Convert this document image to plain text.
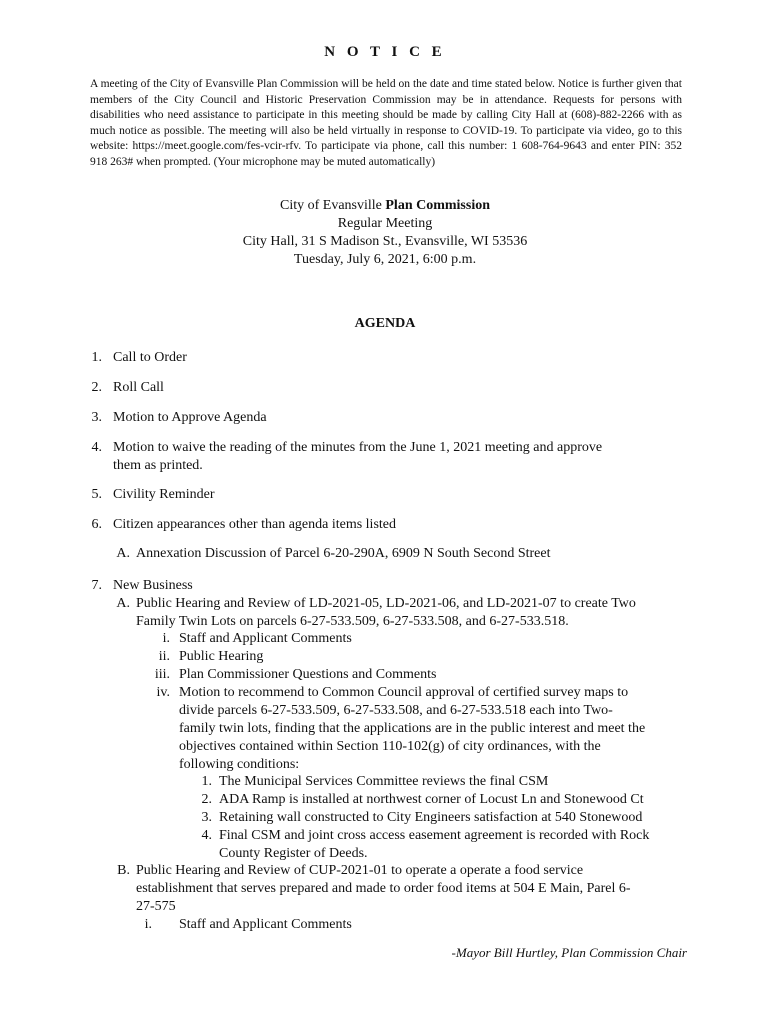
N O T I C E
A meeting of the City of Evansville Plan Commission will be held on the date and time stated below. Notice is further given that members of the City Council and Historic Preservation Commission may be in attendance. Requests for persons with disabilities who need assistance to participate in this meeting should be made by calling City Hall at (608)-882-2266 with as much notice as possible. The meeting will also be held virtually in response to COVID-19. To participate via video, go to this website: https://meet.google.com/fes-vcir-rfv. To participate via phone, call this number: 1 608-764-9643 and enter PIN: 352 918 263# when prompted. (Your microphone may be muted automatically)
City of Evansville Plan Commission
Regular Meeting
City Hall, 31 S Madison St., Evansville, WI 53536
Tuesday, July 6, 2021, 6:00 p.m.
AGENDA
1. Call to Order
2. Roll Call
3. Motion to Approve Agenda
4. Motion to waive the reading of the minutes from the June 1, 2021 meeting and approve
them as printed.
5. Civility Reminder
6. Citizen appearances other than agenda items listed
A. Annexation Discussion of Parcel 6-20-290A, 6909 N South Second Street
7. New Business
A. Public Hearing and Review of LD-2021-05, LD-2021-06, and LD-2021-07 to create Two
Family Twin Lots on parcels 6-27-533.509, 6-27-533.508, and 6-27-533.518.
i. Staff and Applicant Comments
ii. Public Hearing
iii. Plan Commissioner Questions and Comments
iv. Motion to recommend to Common Council approval of certified survey maps to
divide parcels 6-27-533.509, 6-27-533.508, and 6-27-533.518 each into Two-
family twin lots, finding that the applications are in the public interest and meet the
objectives contained within Section 110-102(g) of city ordinances, with the
following conditions:
1. The Municipal Services Committee reviews the final CSM
2. ADA Ramp is installed at northwest corner of Locust Ln and Stonewood Ct
3. Retaining wall constructed to City Engineers satisfaction at 540 Stonewood
4. Final CSM and joint cross access easement agreement is recorded with Rock
County Register of Deeds.
B. Public Hearing and Review of CUP-2021-01 to operate a operate a food service
establishment that serves prepared and made to order food items at 504 E Main, Parel 6-
27-575
i. Staff and Applicant Comments
-Mayor Bill Hurtley, Plan Commission Chair
